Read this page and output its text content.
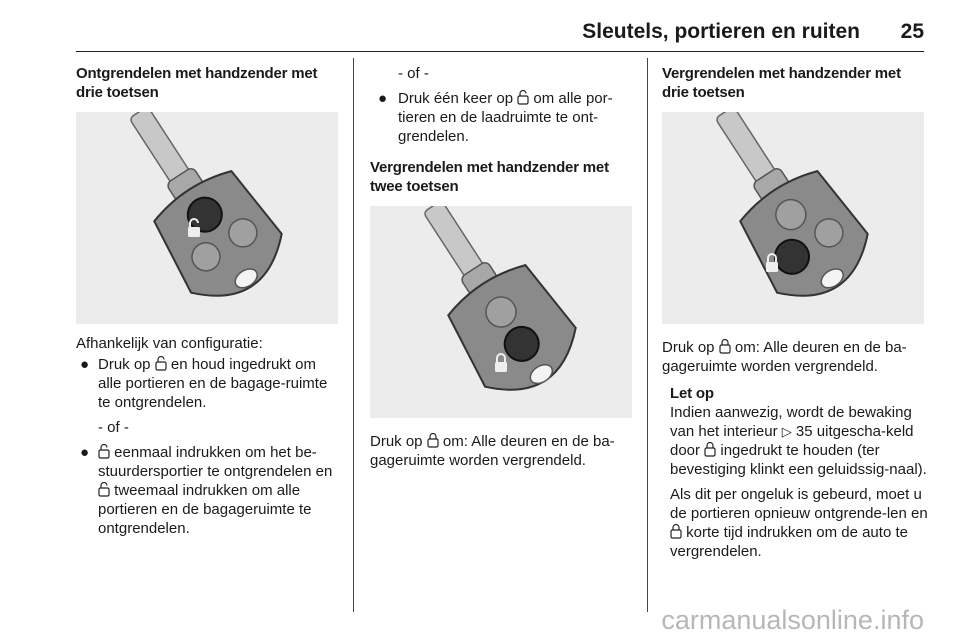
Sleutels, portieren en ruiten 25
Ontgrendelen met handzender met drie toetsen

Afhankelijk van configuratie:

● Druk op en houd ingedrukt om alle portieren en de bagage-ruimte te ontgrendelen.

- of -

● eenmaal indrukken om het be-stuurdersportier te ontgrendelen en  tweemaal indrukken om alle portieren en de bagageruimte te ontgrendelen.

- of -

● Druk één keer op om alle por-tieren en de laadruimte te ont-grendelen.
Vergrendelen met handzender met twee toetsen

Druk op om: Alle deuren en de ba-gageruimte worden vergrendeld.

Vergrendelen met handzender met drie toetsen

Druk op om: Alle deuren en de ba-gageruimte worden vergrendeld.

Let op

Indien aanwezig, wordt de bewaking van het interieur ▷ 35 uitgescha-keld door ingedrukt te houden (ter bevestiging klinkt een geluidssig-naal).

Als dit per ongeluk is gebeurd, moet u de portieren opnieuw ontgrende-len en  korte tijd indrukken om de auto te vergrendelen.

carmanualsonline.info
